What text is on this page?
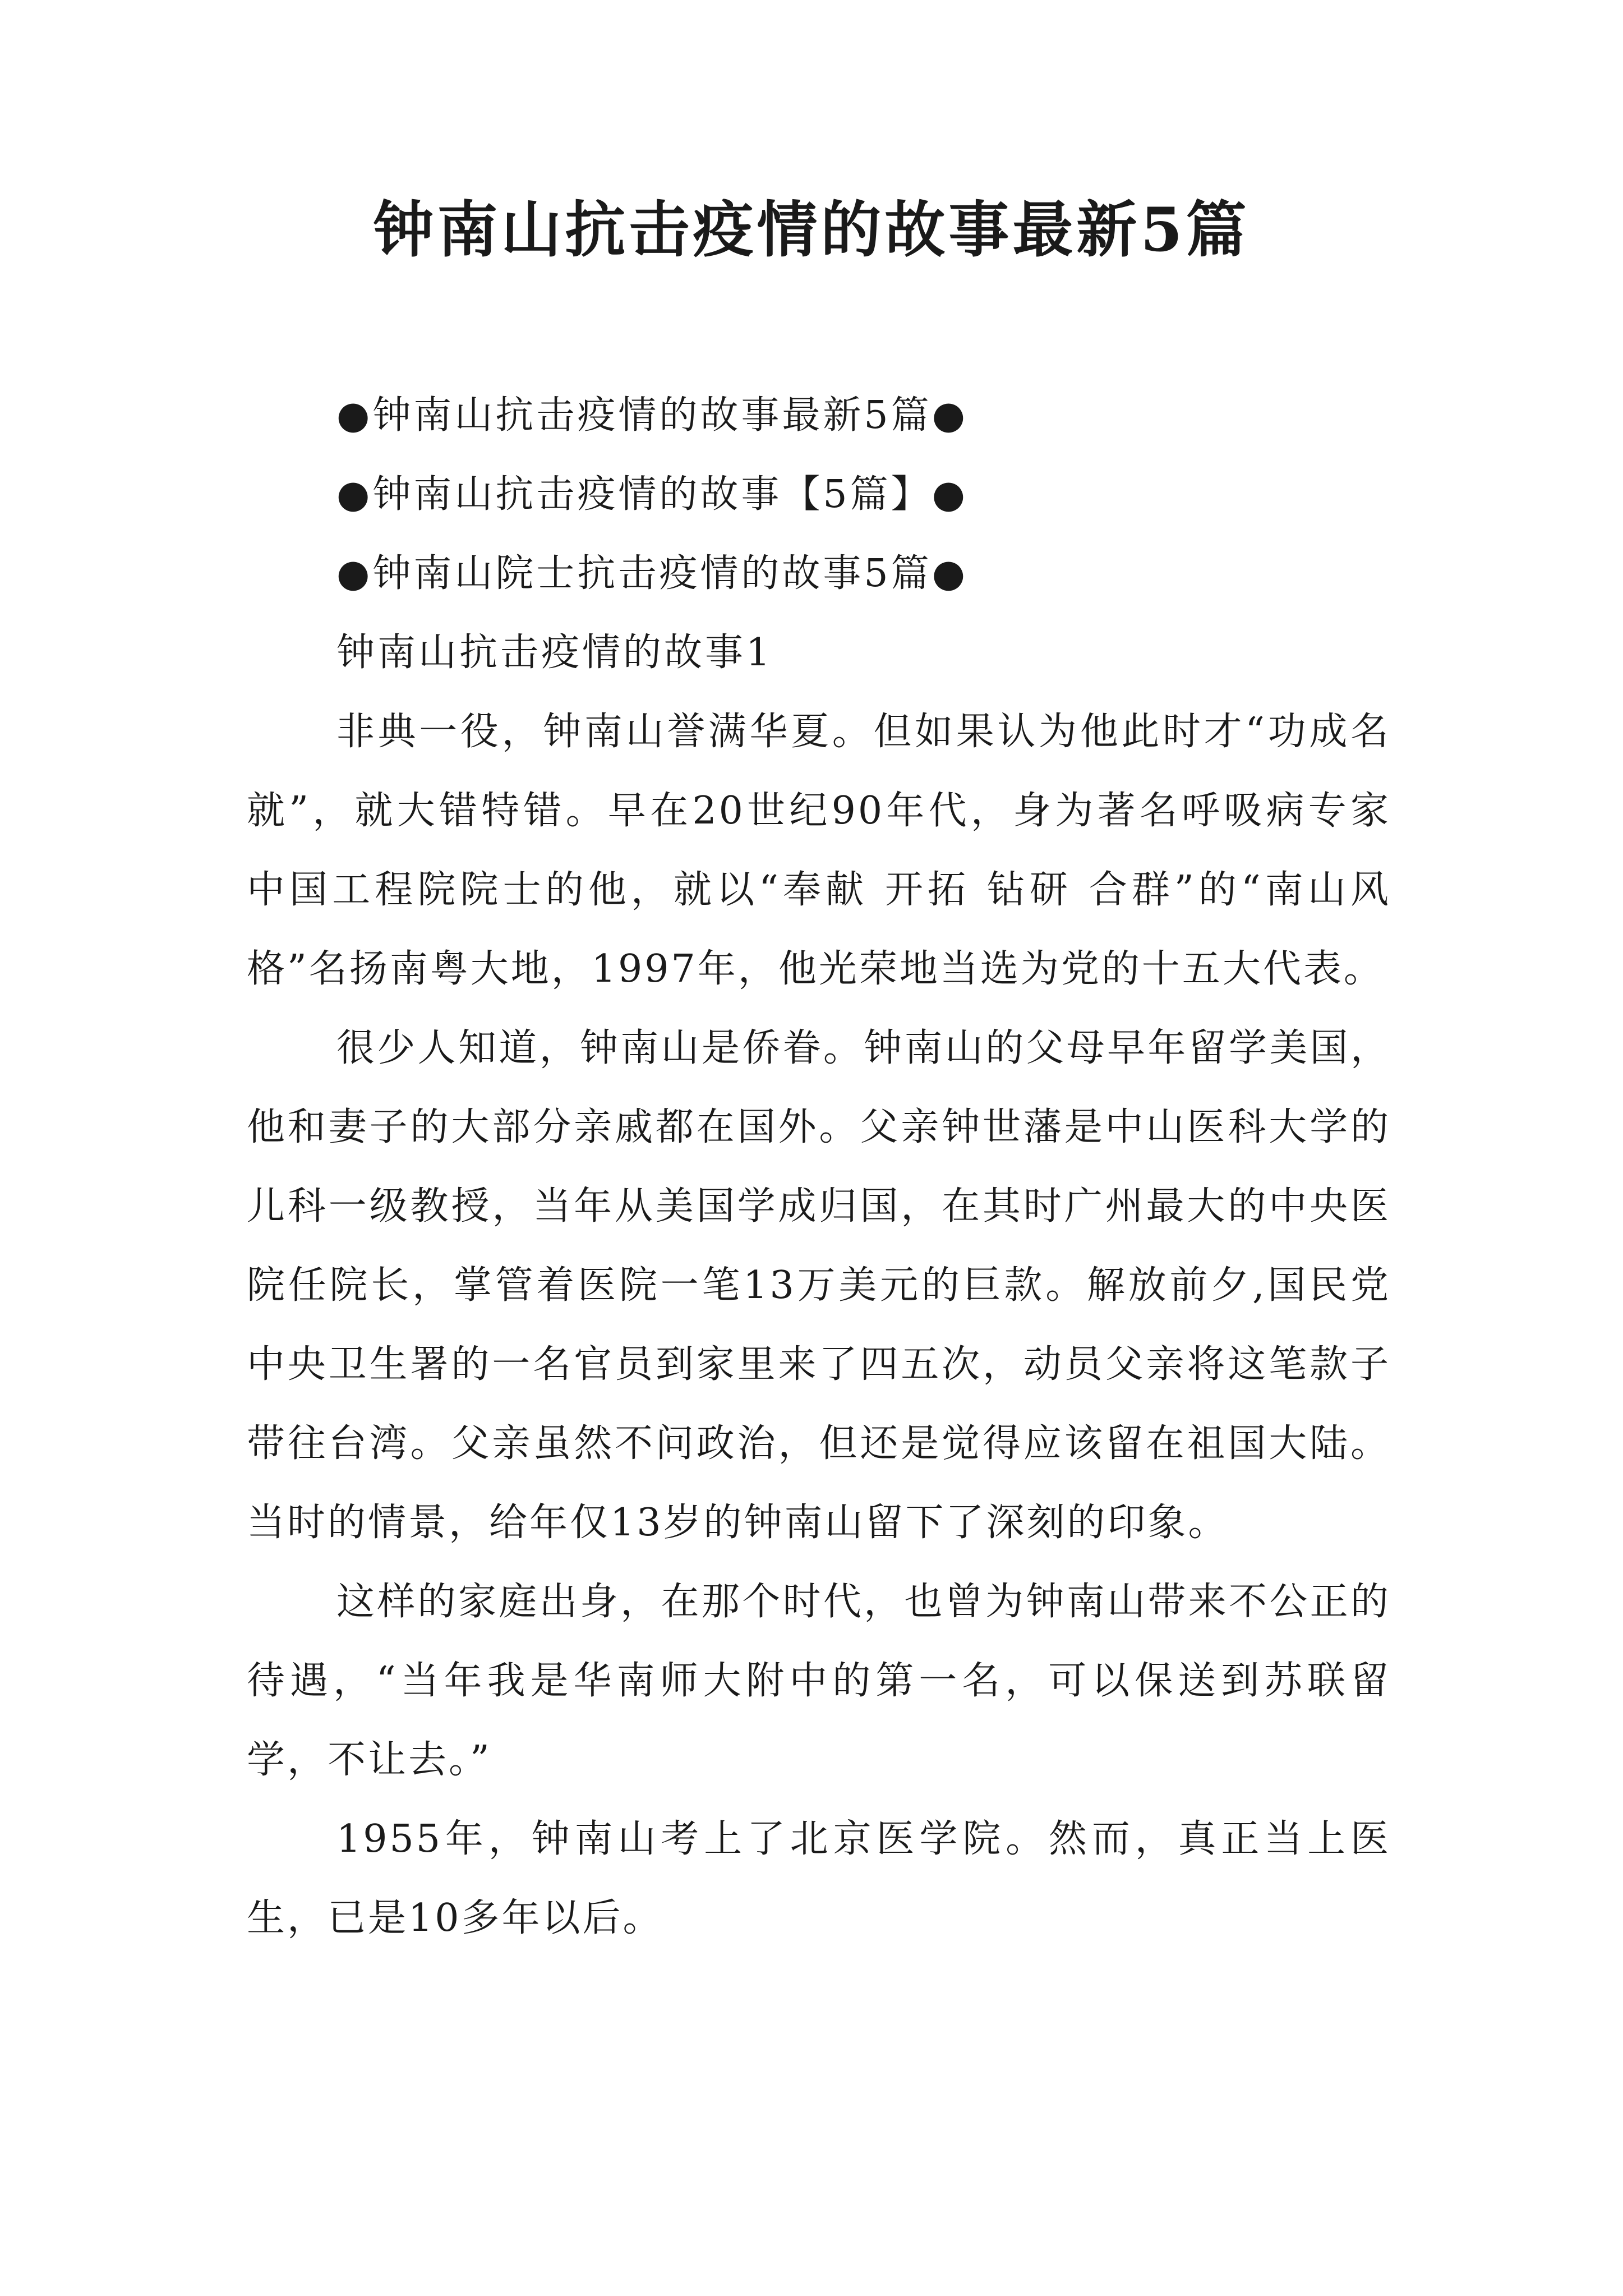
钟南山抗击疫情的故事最新5篇
●钟南山抗击疫情的故事最新5篇●
●钟南山抗击疫情的故事【5篇】●
●钟南山院士抗击疫情的故事5篇●
钟南山抗击疫情的故事1

非典一役，钟南山誉满华夏。但如果认为他此时才“功成名就”，就大错特错。早在20世纪90年代，身为著名呼吸病专家 中国工程院院士的他，就以“奉献 开拓 钻研 合群”的“南山风格”名扬南粤大地，1997年，他光荣地当选为党的十五大代表。

很少人知道，钟南山是侨眷。钟南山的父母早年留学美国，他和妻子的大部分亲戚都在国外。父亲钟世藩是中山医科大学的儿科一级教授，当年从美国学成归国，在其时广州最大的中央医院任院长，掌管着医院一笔13万美元的巨款。解放前夕,国民党中央卫生署的一名官员到家里来了四五次，动员父亲将这笔款子带往台湾。父亲虽然不问政治，但还是觉得应该留在祖国大陆。当时的情景，给年仅13岁的钟南山留下了深刻的印象。

这样的家庭出身，在那个时代，也曾为钟南山带来不公正的待遇，“当年我是华南师大附中的第一名，可以保送到苏联留学，不让去。”

1955年，钟南山考上了北京医学院。然而，真正当上医生，已是10多年以后。
